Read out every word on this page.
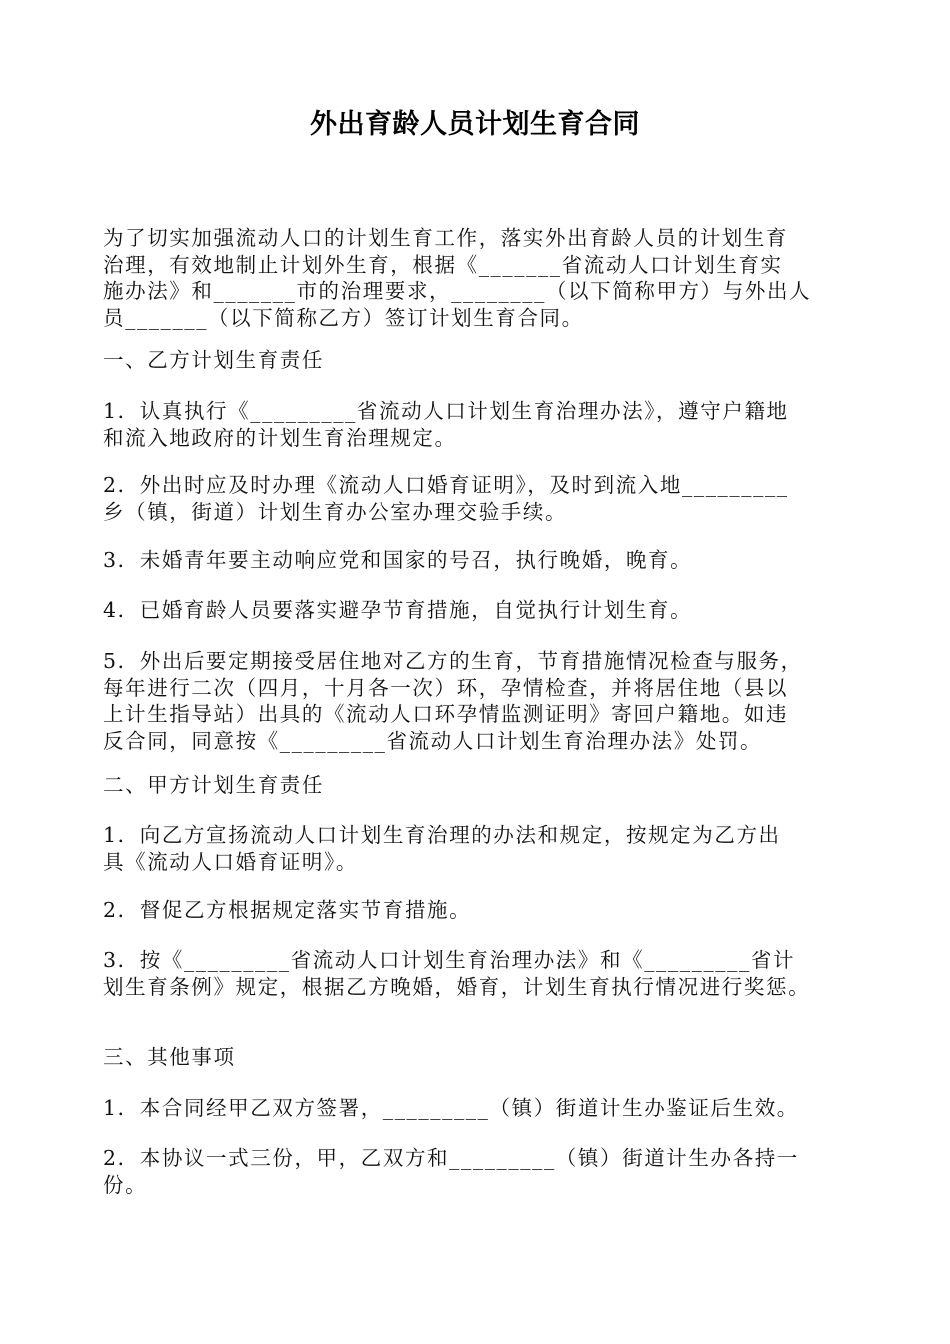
外出育龄人员计划生育合同
为了切实加强流动人口的计划生育工作，落实外出育龄人员的计划生育
治理，有效地制止计划外生育，根据《_______省流动人口计划生育实
施办法》和_______市的治理要求，________（以下简称甲方）与外出人
员_______（以下简称乙方）签订计划生育合同。
一、乙方计划生育责任
1．认真执行《_________省流动人口计划生育治理办法》，遵守户籍地
和流入地政府的计划生育治理规定。
2．外出时应及时办理《流动人口婚育证明》，及时到流入地_________
乡（镇，街道）计划生育办公室办理交验手续。
3．未婚青年要主动响应党和国家的号召，执行晚婚，晚育。
4．已婚育龄人员要落实避孕节育措施，自觉执行计划生育。
5．外出后要定期接受居住地对乙方的生育，节育措施情况检查与服务，
每年进行二次（四月，十月各一次）环，孕情检查，并将居住地（县以
上计生指导站）出具的《流动人口环孕情监测证明》寄回户籍地。如违
反合同，同意按《_________省流动人口计划生育治理办法》处罚。
二、甲方计划生育责任
1．向乙方宣扬流动人口计划生育治理的办法和规定，按规定为乙方出
具《流动人口婚育证明》。
2．督促乙方根据规定落实节育措施。
3．按《_________省流动人口计划生育治理办法》和《_________省计
划生育条例》规定，根据乙方晚婚，婚育，计划生育执行情况进行奖惩。
三、其他事项
1．本合同经甲乙双方签署，_________（镇）街道计生办鉴证后生效。
2．本协议一式三份，甲，乙双方和_________（镇）街道计生办各持一
份。
